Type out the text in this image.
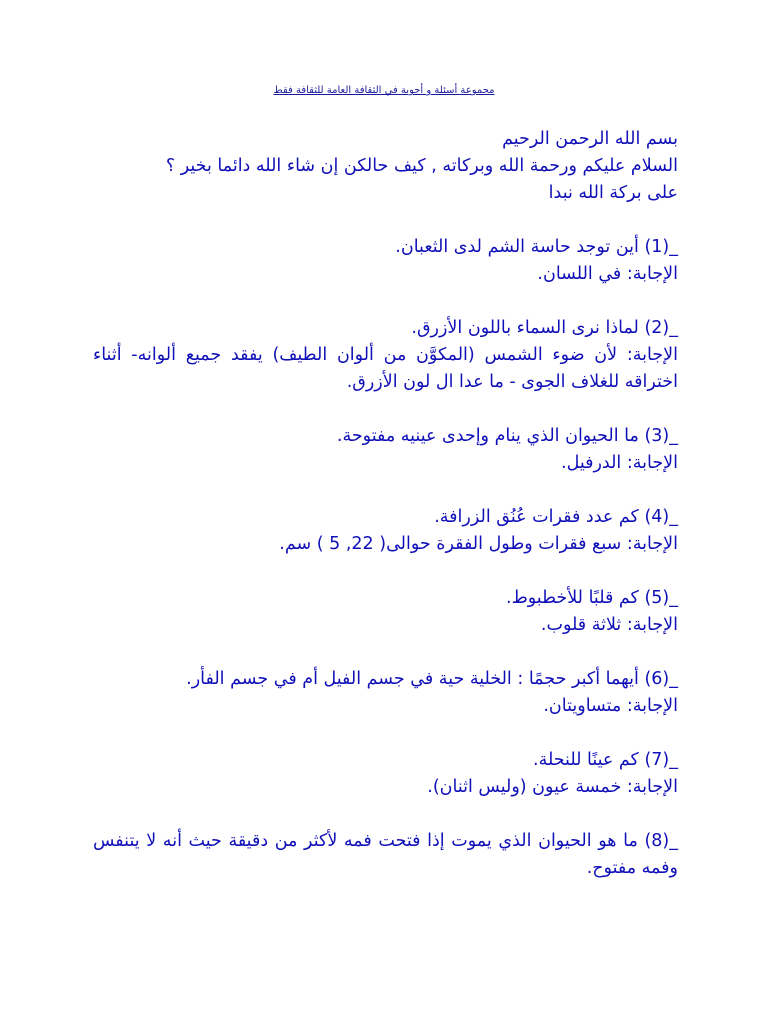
مجموعة أسئلة و أجوبة في الثقافة العامة للثقافة فقط
بسم الله الرحمن الرحيم
السلام عليكم ورحمة الله وبركاته , كيف حالكن إن شاء الله دائما بخير ؟
على بركة الله نبدا
_(1) أين توجد حاسة الشم لدى الثعبان.
الإجابة: في اللسان.
_(2) لماذا نرى السماء باللون الأزرق.
الإجابة: لأن ضوء الشمس (المكوَّن من ألوان الطيف) يفقد جميع ألوانه- أثناء اختراقه للغلاف الجوى - ما عدا ال لون الأزرق.
_(3) ما الحيوان الذي ينام وإحدى عينيه مفتوحة.
الإجابة: الدرفيل.
_(4) كم عدد فقرات عُنُق الزرافة.
الإجابة: سبع فقرات وطول الفقرة حوالى( 22, 5 ) سم.
_(5) كم قلبًا للأخطبوط.
الإجابة: ثلاثة قلوب.
_(6) أيهما أكبر حجمًا : الخلية حية في جسم الفيل أم في جسم الفأر.
الإجابة: متساويتان.
_(7) كم عينًا للنحلة.
الإجابة: خمسة عيون (وليس اثنان).
_(8) ما هو الحيوان الذي يموت إذا فتحت فمه لأكثر من دقيقة حيث أنه لا يتنفس وفمه مفتوح.
